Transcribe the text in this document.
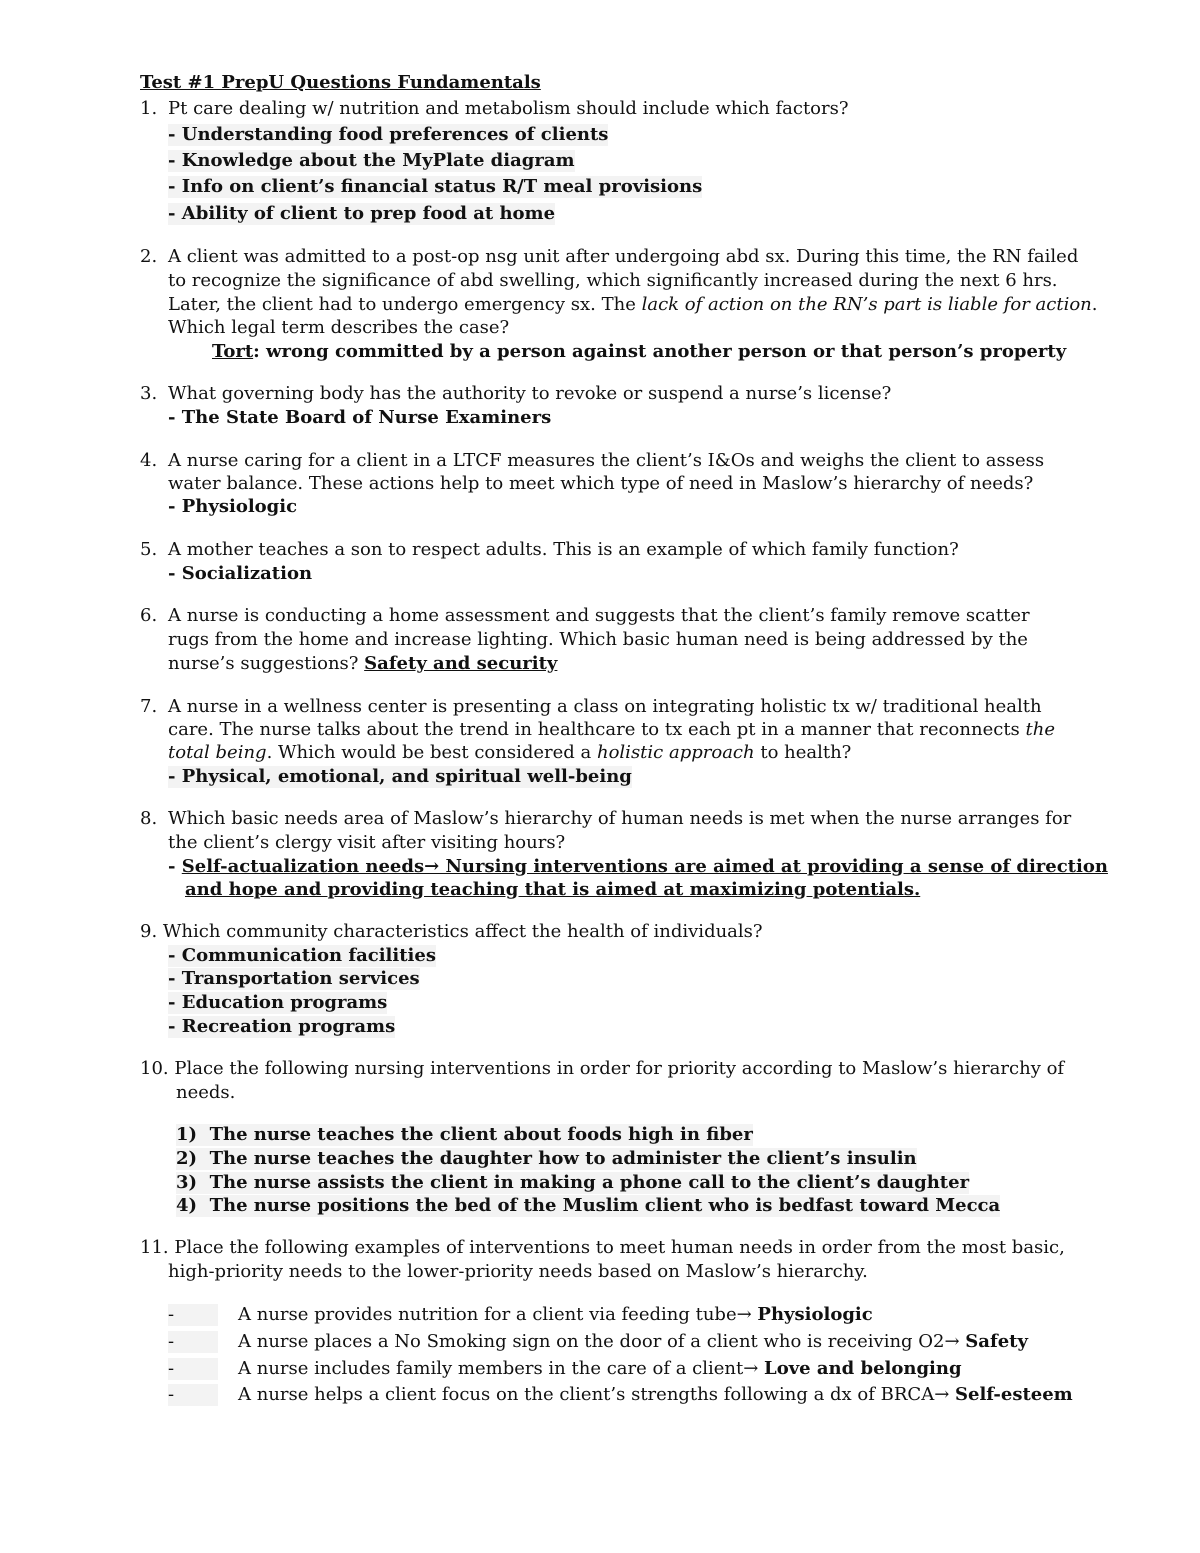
Test #1 PrepU Questions Fundamentals
1. Pt care dealing w/ nutrition and metabolism should include which factors?
- Understanding food preferences of clients
- Knowledge about the MyPlate diagram
- Info on client’s financial status R/T meal provisions
- Ability of client to prep food at home
2. A client was admitted to a post-op nsg unit after undergoing abd sx. During this time, the RN failed
to recognize the significance of abd swelling, which significantly increased during the next 6 hrs.
Later, the client had to undergo emergency sx. The lack of action on the RN’s part is liable for action.
Which legal term describes the case?
Tort: wrong committed by a person against another person or that person’s property
3. What governing body has the authority to revoke or suspend a nurse’s license?
- The State Board of Nurse Examiners
4. A nurse caring for a client in a LTCF measures the client’s I&Os and weighs the client to assess
water balance. These actions help to meet which type of need in Maslow’s hierarchy of needs?
- Physiologic
5. A mother teaches a son to respect adults. This is an example of which family function?
- Socialization
6. A nurse is conducting a home assessment and suggests that the client’s family remove scatter
rugs from the home and increase lighting. Which basic human need is being addressed by the
nurse’s suggestions? Safety and security
7. A nurse in a wellness center is presenting a class on integrating holistic tx w/ traditional health
care. The nurse talks about the trend in healthcare to tx each pt in a manner that reconnects the
total being. Which would be best considered a holistic approach to health?
- Physical, emotional, and spiritual well-being
8. Which basic needs area of Maslow’s hierarchy of human needs is met when the nurse arranges for
the client’s clergy visit after visiting hours?
- Self-actualization needs→ Nursing interventions are aimed at providing a sense of direction
and hope and providing teaching that is aimed at maximizing potentials.
9. Which community characteristics affect the health of individuals?
- Communication facilities
- Transportation services
- Education programs
- Recreation programs
10. Place the following nursing interventions in order for priority according to Maslow’s hierarchy of
needs.
1) The nurse teaches the client about foods high in fiber
2) The nurse teaches the daughter how to administer the client’s insulin
3) The nurse assists the client in making a phone call to the client’s daughter
4) The nurse positions the bed of the Muslim client who is bedfast toward Mecca
11. Place the following examples of interventions to meet human needs in order from the most basic,
high-priority needs to the lower-priority needs based on Maslow’s hierarchy.
-	A nurse provides nutrition for a client via feeding tube→ Physiologic
-	A nurse places a No Smoking sign on the door of a client who is receiving O2→ Safety
-	A nurse includes family members in the care of a client→ Love and belonging
-	A nurse helps a client focus on the client’s strengths following a dx of BRCA→ Self-esteem
